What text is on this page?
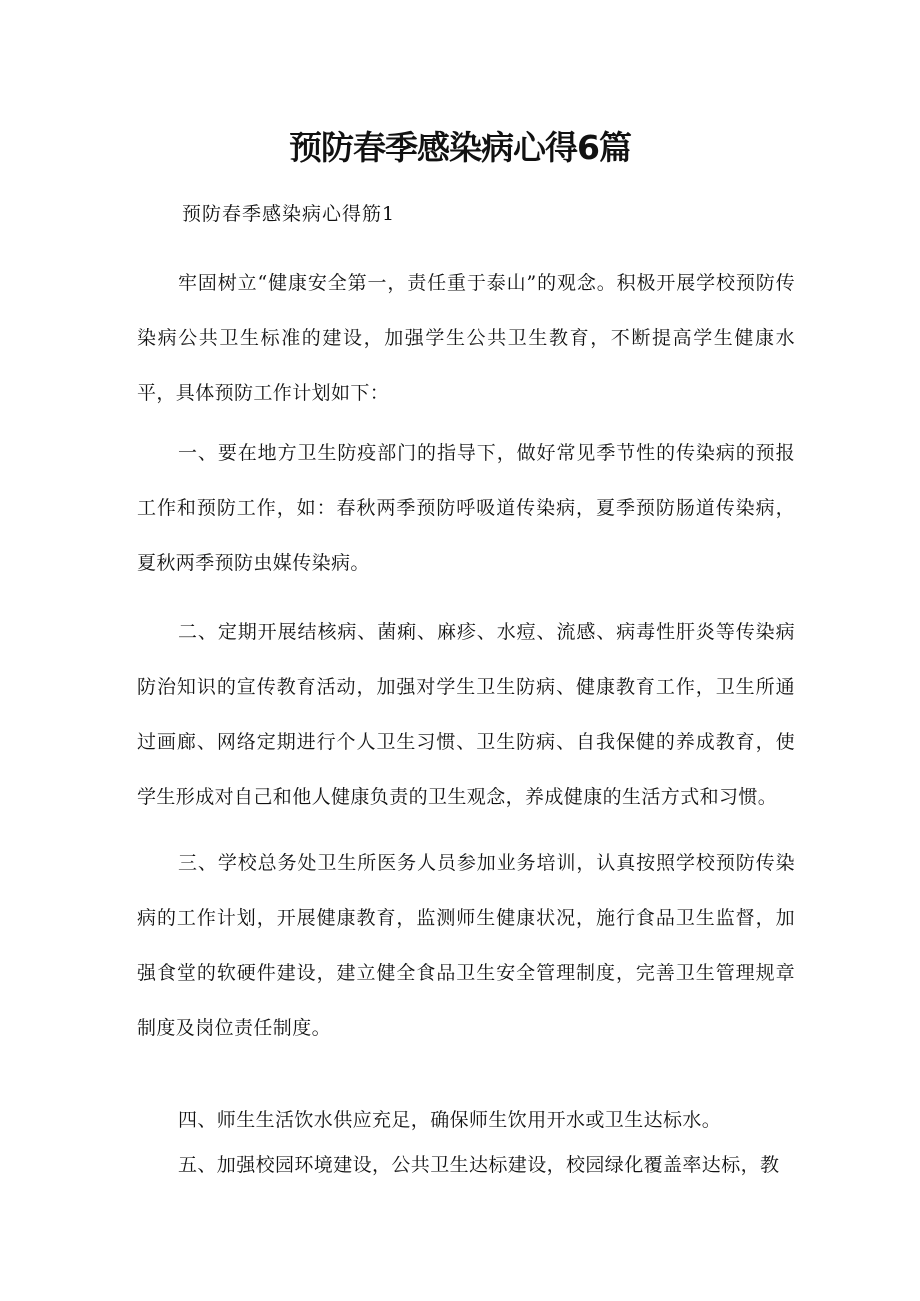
预防春季感染病心得6篇

预防春季感染病心得筋1

牢固树立“健康安全第一，责任重于泰山”的观念。积极开展学校预防传染病公共卫生标准的建设，加强学生公共卫生教育，不断提高学生健康水平，具体预防工作计划如下：

一、要在地方卫生防疫部门的指导下，做好常见季节性的传染病的预报工作和预防工作，如：春秋两季预防呼吸道传染病，夏季预防肠道传染病，夏秋两季预防虫媒传染病。

二、定期开展结核病、菌痢、麻疹、水痘、流感、病毒性肝炎等传染病防治知识的宣传教育活动，加强对学生卫生防病、健康教育工作，卫生所通过画廊、网络定期进行个人卫生习惯、卫生防病、自我保健的养成教育，使学生形成对自己和他人健康负责的卫生观念，养成健康的生活方式和习惯。

三、学校总务处卫生所医务人员参加业务培训，认真按照学校预防传染病的工作计划，开展健康教育，监测师生健康状况，施行食品卫生监督，加强食堂的软硬件建设，建立健全食品卫生安全管理制度，完善卫生管理规章制度及岗位责任制度。

四、师生生活饮水供应充足，确保师生饮用开水或卫生达标水。

五、加强校园环境建设，公共卫生达标建设，校园绿化覆盖率达标，教
